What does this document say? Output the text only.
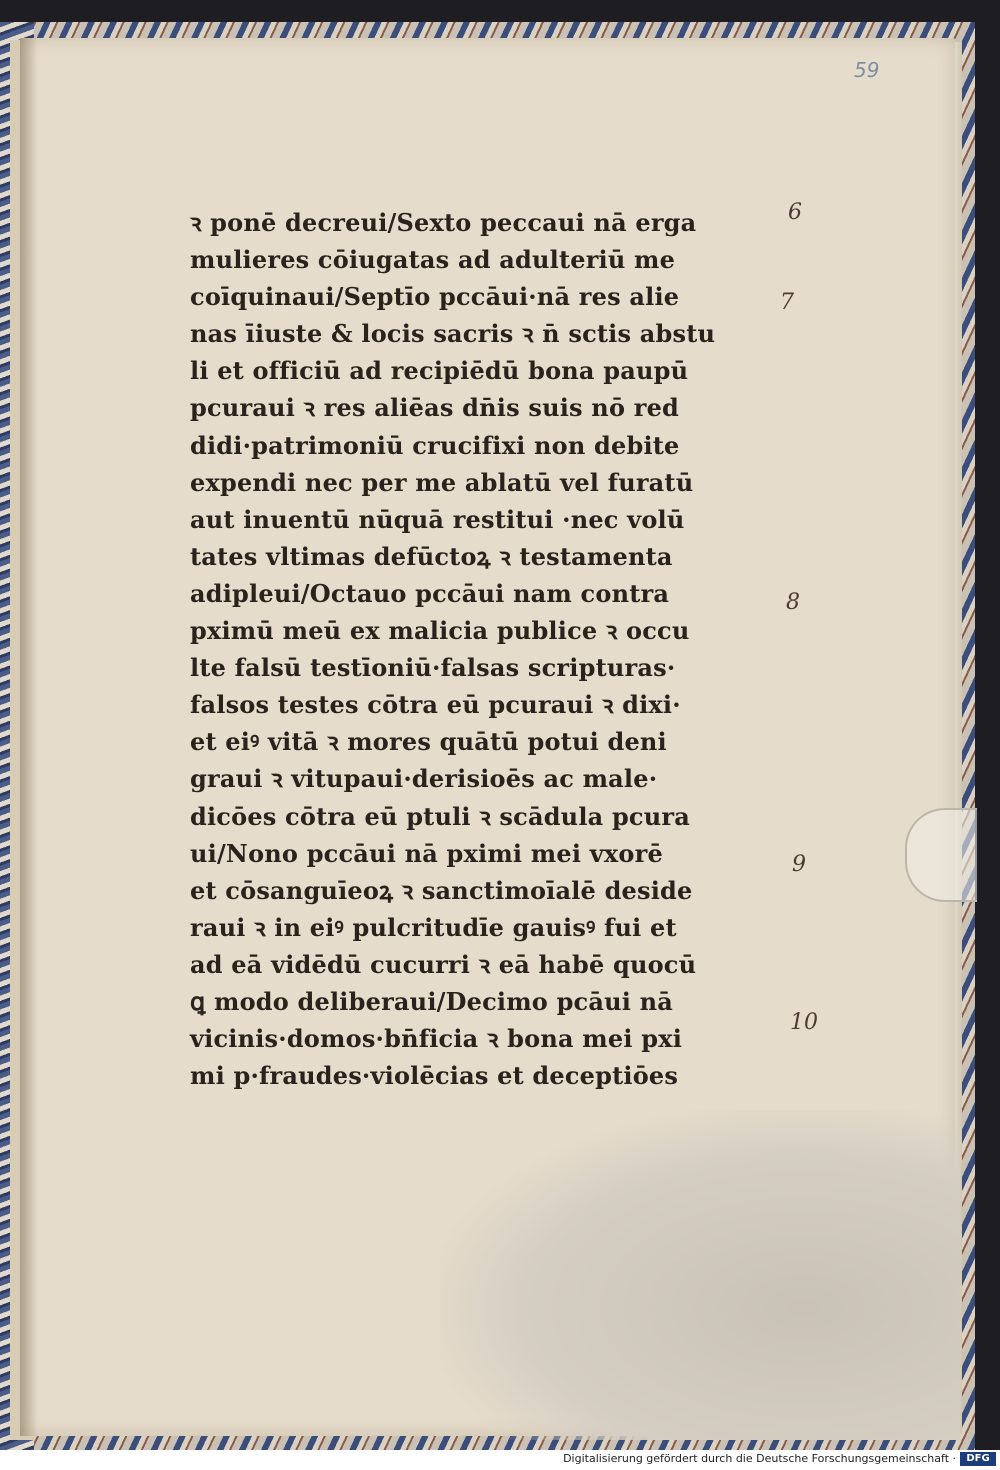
59
ꝛ ponē decreui/Sexto peccaui nā erga
mulieres cōiugatas ad adulteriū me
coīquinaui/Septīo pccāui·nā res alie
nas īiuste & locis sacris ꝛ n̄ sctis abstu
li et officiū ad recipiēdū bona paupū
pcuraui ꝛ res aliēas dn̄is suis nō red
didi·patrimoniū crucifixi non debite
expendi nec per me ablatū vel furatū
aut inuentū nūquā restitui ·nec volū
tates vltimas defūctoꝝ ꝛ testamenta
adipleui/Octauo pccāui nam contra
pximū meū ex malicia publice ꝛ occu
lte falsū testīoniū·falsas scripturas·
falsos testes cōtra eū pcuraui ꝛ dixi·
et eiꝰ vitā ꝛ mores quātū potui deni
graui ꝛ vitupaui·derisioēs ac male·
dicōes cōtra eū ptuli ꝛ scādula pcura
ui/Nono pccāui nā pximi mei vxorē
et cōsanguīeoꝝ ꝛ sanctimoīalē deside
raui ꝛ in eiꝰ pulcritudīe gauisꝰ fui et
ad eā vidēdū cucurri ꝛ eā habē quocū
ꝗ modo deliberaui/Decimo pcāui nā
vicinis·domos·bn̄ficia ꝛ bona mei pxi
mi p·fraudes·violēcias et deceptiōes
6
7
8
9
10
Digitalisierung gefördert durch die Deutsche Forschungsgemeinschaft ·	DFG
